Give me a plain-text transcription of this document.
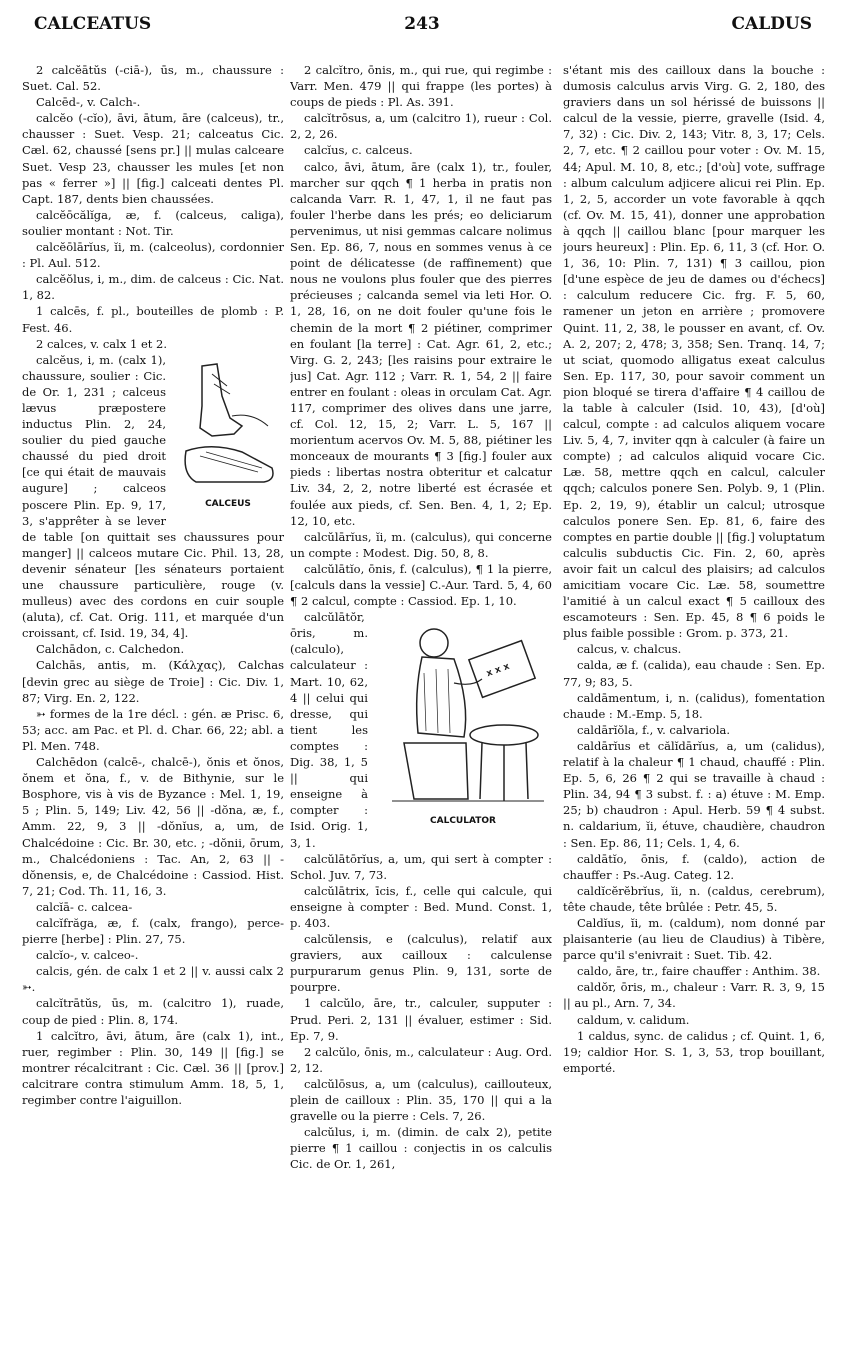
CALCEATUS	243	CALDUS

2 calcĕātŭs (-ciā-), ūs, m., chaussure : Suet. Cal. 52.

Calcēd-, v. Calch-.

calcĕo (-cĭo), āvi, ātum, āre (calceus), tr., chausser : Suet. Vesp. 21; calceatus Cic. Cæl. 62, chaussé [sens pr.] || mulas calceare Suet. Vesp 23, chausser les mules [et non pas « ferrer »] || [fig.] calceati dentes Pl. Capt. 187, dents bien chaussées.

calcĕōcălĭga, æ, f. (calceus, caliga), soulier montant : Not. Tir.

calcĕōlārĭus, ĭi, m. (calceolus), cordonnier : Pl. Aul. 512.

calcĕŏlus, i, m., dim. de calceus : Cic. Nat. 1, 82.

1 calcēs, f. pl., bouteilles de plomb : P. Fest. 46.

2 calces, v. calx 1 et 2.

CALCEUS

calcĕus, i, m. (calx 1), chaussure, soulier : Cic. de Or. 1, 231 ; calceus lævus præpostere inductus Plin. 2, 24, soulier du pied gauche chaussé du pied droit [ce qui était de mauvais augure] ; calceos poscere Plin. Ep. 9, 17, 3, s'apprêter à se lever de table [on quittait ses chaussures pour manger] || calceos mutare Cic. Phil. 13, 28, devenir sénateur [les sénateurs portaient une chaussure particulière, rouge (v. mulleus) avec des cordons en cuir souple (aluta), cf. Cat. Orig. 111, et marquée d'un croissant, cf. Isid. 19, 34, 4].

Calchādon, c. Calchedon.

Calchās, antis, m. (Κάλχας), Calchas [devin grec au siège de Troie] : Cic. Div. 1, 87; Virg. En. 2, 122.

➳ formes de la 1re décl. : gén. æ Prisc. 6, 53; acc. am Pac. et Pl. d. Char. 66, 22; abl. a Pl. Men. 748.

Calchēdon (calcē-, chalcē-), ŏnis et ŏnos, ŏnem et ŏna, f., v. de Bithynie, sur le Bosphore, vis à vis de Byzance : Mel. 1, 19, 5 ; Plin. 5, 149; Liv. 42, 56 || -dŏna, æ, f., Amm. 22, 9, 3 || -dŏnĭus, a, um, de Chalcédoine : Cic. Br. 30, etc. ; -dŏnii, ōrum, m., Chalcédoniens : Tac. An, 2, 63 || -dŏnensis, e, de Chalcédoine : Cassiod. Hist. 7, 21; Cod. Th. 11, 16, 3.

calcĭā- c. calcea-

calcĭfrăga, æ, f. (calx, frango), perce-pierre [herbe] : Plin. 27, 75.

calcĭo-, v. calceo-.

calcis, gén. de calx 1 et 2 || v. aussi calx 2 ➳.

calcĭtrātŭs, ūs, m. (calcitro 1), ruade, coup de pied : Plin. 8, 174.

1 calcĭtro, āvi, ātum, āre (calx 1), int., ruer, regimber : Plin. 30, 149 || [fig.] se montrer récalcitrant : Cic. Cæl. 36 || [prov.] calcitrare contra stimulum Amm. 18, 5, 1, regimber contre l'aiguillon.

2 calcĭtro, ōnis, m., qui rue, qui regimbe : Varr. Men. 479 || qui frappe (les portes) à coups de pieds : Pl. As. 391.

calcĭtrōsus, a, um (calcitro 1), rueur : Col. 2, 2, 26.

calcĭus, c. calceus.

calco, āvi, ātum, āre (calx 1), tr., fouler, marcher sur qqch ¶ 1 herba in pratis non calcanda Varr. R. 1, 47, 1, il ne faut pas fouler l'herbe dans les prés; eo deliciarum pervenimus, ut nisi gemmas calcare nolimus Sen. Ep. 86, 7, nous en sommes venus à ce point de délicatesse (de raffinement) que nous ne voulons plus fouler que des pierres précieuses ; calcanda semel via leti Hor. O. 1, 28, 16, on ne doit fouler qu'une fois le chemin de la mort ¶ 2 piétiner, comprimer en foulant [la terre] : Cat. Agr. 61, 2, etc.; Virg. G. 2, 243; [les raisins pour extraire le jus] Cat. Agr. 112 ; Varr. R. 1, 54, 2 || faire entrer en foulant : oleas in orculam Cat. Agr. 117, comprimer des olives dans une jarre, cf. Col. 12, 15, 2; Varr. L. 5, 167 || morientum acervos Ov. M. 5, 88, piétiner les monceaux de mourants ¶ 3 [fig.] fouler aux pieds : libertas nostra obteritur et calcatur Liv. 34, 2, 2, notre liberté est écrasée et foulée aux pieds, cf. Sen. Ben. 4, 1, 2; Ep. 12, 10, etc.

calcŭlārĭus, ĭi, m. (calculus), qui concerne un compte : Modest. Dig. 50, 8, 8.

calcŭlātĭo, ōnis, f. (calculus), ¶ 1 la pierre, [calculs dans la vessie] C.-Aur. Tard. 5, 4, 60 ¶ 2 calcul, compte : Cassiod. Ep. 1, 10.

x x x
CALCULATOR

calcŭlātŏr, ōris, m. (calculo), calculateur : Mart. 10, 62, 4 || celui qui dresse, qui tient les comptes : Dig. 38, 1, 5 || qui enseigne à compter : Isid. Orig. 1, 3, 1.

calcŭlātōrĭus, a, um, qui sert à compter : Schol. Juv. 7, 73.

calcŭlātrix, īcis, f., celle qui calcule, qui enseigne à compter : Bed. Mund. Const. 1, p. 403.

calcŭlensis, e (calculus), relatif aux graviers, aux cailloux : calculense purpurarum genus Plin. 9, 131, sorte de pourpre.

1 calcŭlo, āre, tr., calculer, supputer : Prud. Peri. 2, 131 || évaluer, estimer : Sid. Ep. 7, 9.

2 calcŭlo, ōnis, m., calculateur : Aug. Ord. 2, 12.

calcŭlōsus, a, um (calculus), caillouteux, plein de cailloux : Plin. 35, 170 || qui a la gravelle ou la pierre : Cels. 7, 26.

calcŭlus, i, m. (dimin. de calx 2), petite pierre ¶ 1 caillou : conjectis in os calculis Cic. de Or. 1, 261,

s'étant mis des cailloux dans la bouche : dumosis calculus arvis Virg. G. 2, 180, des graviers dans un sol hérissé de buissons || calcul de la vessie, pierre, gravelle (Isid. 4, 7, 32) : Cic. Div. 2, 143; Vitr. 8, 3, 17; Cels. 2, 7, etc. ¶ 2 caillou pour voter : Ov. M. 15, 44; Apul. M. 10, 8, etc.; [d'où] vote, suffrage : album calculum adjicere alicui rei Plin. Ep. 1, 2, 5, accorder un vote favorable à qqch (cf. Ov. M. 15, 41), donner une approbation à qqch || caillou blanc [pour marquer les jours heureux] : Plin. Ep. 6, 11, 3 (cf. Hor. O. 1, 36, 10: Plin. 7, 131) ¶ 3 caillou, pion [d'une espèce de jeu de dames ou d'échecs] : calculum reducere Cic. frg. F. 5, 60, ramener un jeton en arrière ; promovere Quint. 11, 2, 38, le pousser en avant, cf. Ov. A. 2, 207; 2, 478; 3, 358; Sen. Tranq. 14, 7; ut sciat, quomodo alligatus exeat calculus Sen. Ep. 117, 30, pour savoir comment un pion bloqué se tirera d'affaire ¶ 4 caillou de la table à calculer (Isid. 10, 43), [d'où] calcul, compte : ad calculos aliquem vocare Liv. 5, 4, 7, inviter qqn à calculer (à faire un compte) ; ad calculos aliquid vocare Cic. Læ. 58, mettre qqch en calcul, calculer qqch; calculos ponere Sen. Polyb. 9, 1 (Plin. Ep. 2, 19, 9), établir un calcul; utrosque calculos ponere Sen. Ep. 81, 6, faire des comptes en partie double || [fig.] voluptatum calculis subductis Cic. Fin. 2, 60, après avoir fait un calcul des plaisirs; ad calculos amicitiam vocare Cic. Læ. 58, soumettre l'amitié à un calcul exact ¶ 5 cailloux des escamoteurs : Sen. Ep. 45, 8 ¶ 6 poids le plus faible possible : Grom. p. 373, 21.

calcus, v. chalcus.

calda, æ f. (calida), eau chaude : Sen. Ep. 77, 9; 83, 5.

caldāmentum, i, n. (calidus), fomentation chaude : M.-Emp. 5, 18.

caldārĭŏla, f., v. calvariola.

caldārĭus et călĭdārĭus, a, um (calidus), relatif à la chaleur ¶ 1 chaud, chauffé : Plin. Ep. 5, 6, 26 ¶ 2 qui se travaille à chaud : Plin. 34, 94 ¶ 3 subst. f. : a) étuve : M. Emp. 25; b) chaudron : Apul. Herb. 59 ¶ 4 subst. n. caldarium, ĭi, étuve, chaudière, chaudron : Sen. Ep. 86, 11; Cels. 1, 4, 6.

caldātĭo, ōnis, f. (caldo), action de chauffer : Ps.-Aug. Categ. 12.

caldĭcĕrĕbrĭus, ĭi, n. (caldus, cerebrum), tête chaude, tête brûlée : Petr. 45, 5.

Caldĭus, ĭi, m. (caldum), nom donné par plaisanterie (au lieu de Claudius) à Tibère, parce qu'il s'enivrait : Suet. Tib. 42.

caldo, āre, tr., faire chauffer : Anthim. 38.

caldŏr, ōris, m., chaleur : Varr. R. 3, 9, 15 || au pl., Arn. 7, 34.

caldum, v. calidum.

1 caldus, sync. de calidus ; cf. Quint. 1, 6, 19; caldior Hor. S. 1, 3, 53, trop bouillant, emporté.
